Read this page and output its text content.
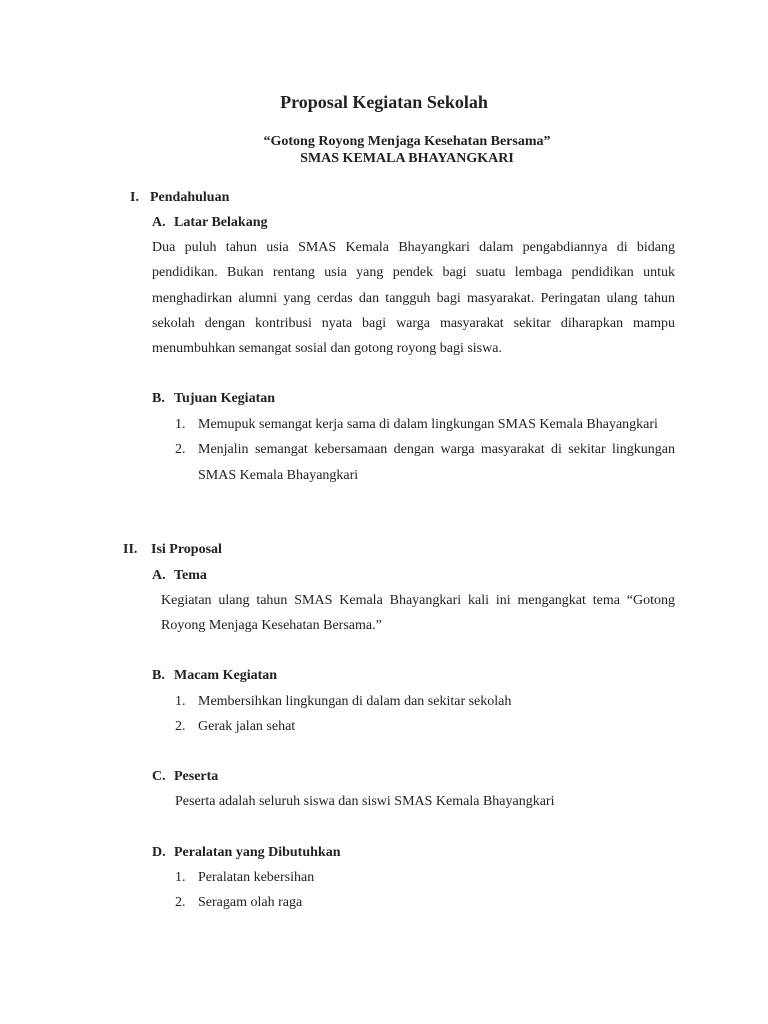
Proposal Kegiatan Sekolah
“Gotong Royong Menjaga Kesehatan Bersama”
SMAS KEMALA BHAYANGKARI
I. Pendahuluan
A. Latar Belakang
Dua puluh tahun usia SMAS Kemala Bhayangkari dalam pengabdiannya di bidang pendidikan. Bukan rentang usia yang pendek bagi suatu lembaga pendidikan untuk menghadirkan alumni yang cerdas dan tangguh bagi masyarakat. Peringatan ulang tahun sekolah dengan kontribusi nyata bagi warga masyarakat sekitar diharapkan mampu menumbuhkan semangat sosial dan gotong royong bagi siswa.
B. Tujuan Kegiatan
1. Memupuk semangat kerja sama di dalam lingkungan SMAS Kemala Bhayangkari
2. Menjalin semangat kebersamaan dengan warga masyarakat di sekitar lingkungan SMAS Kemala Bhayangkari
II. Isi Proposal
A. Tema
Kegiatan ulang tahun SMAS Kemala Bhayangkari kali ini mengangkat tema “Gotong Royong Menjaga Kesehatan Bersama.”
B. Macam Kegiatan
1. Membersihkan lingkungan di dalam dan sekitar sekolah
2. Gerak jalan sehat
C. Peserta
Peserta adalah seluruh siswa dan siswi SMAS Kemala Bhayangkari
D. Peralatan yang Dibutuhkan
1. Peralatan kebersihan
2. Seragam olah raga
